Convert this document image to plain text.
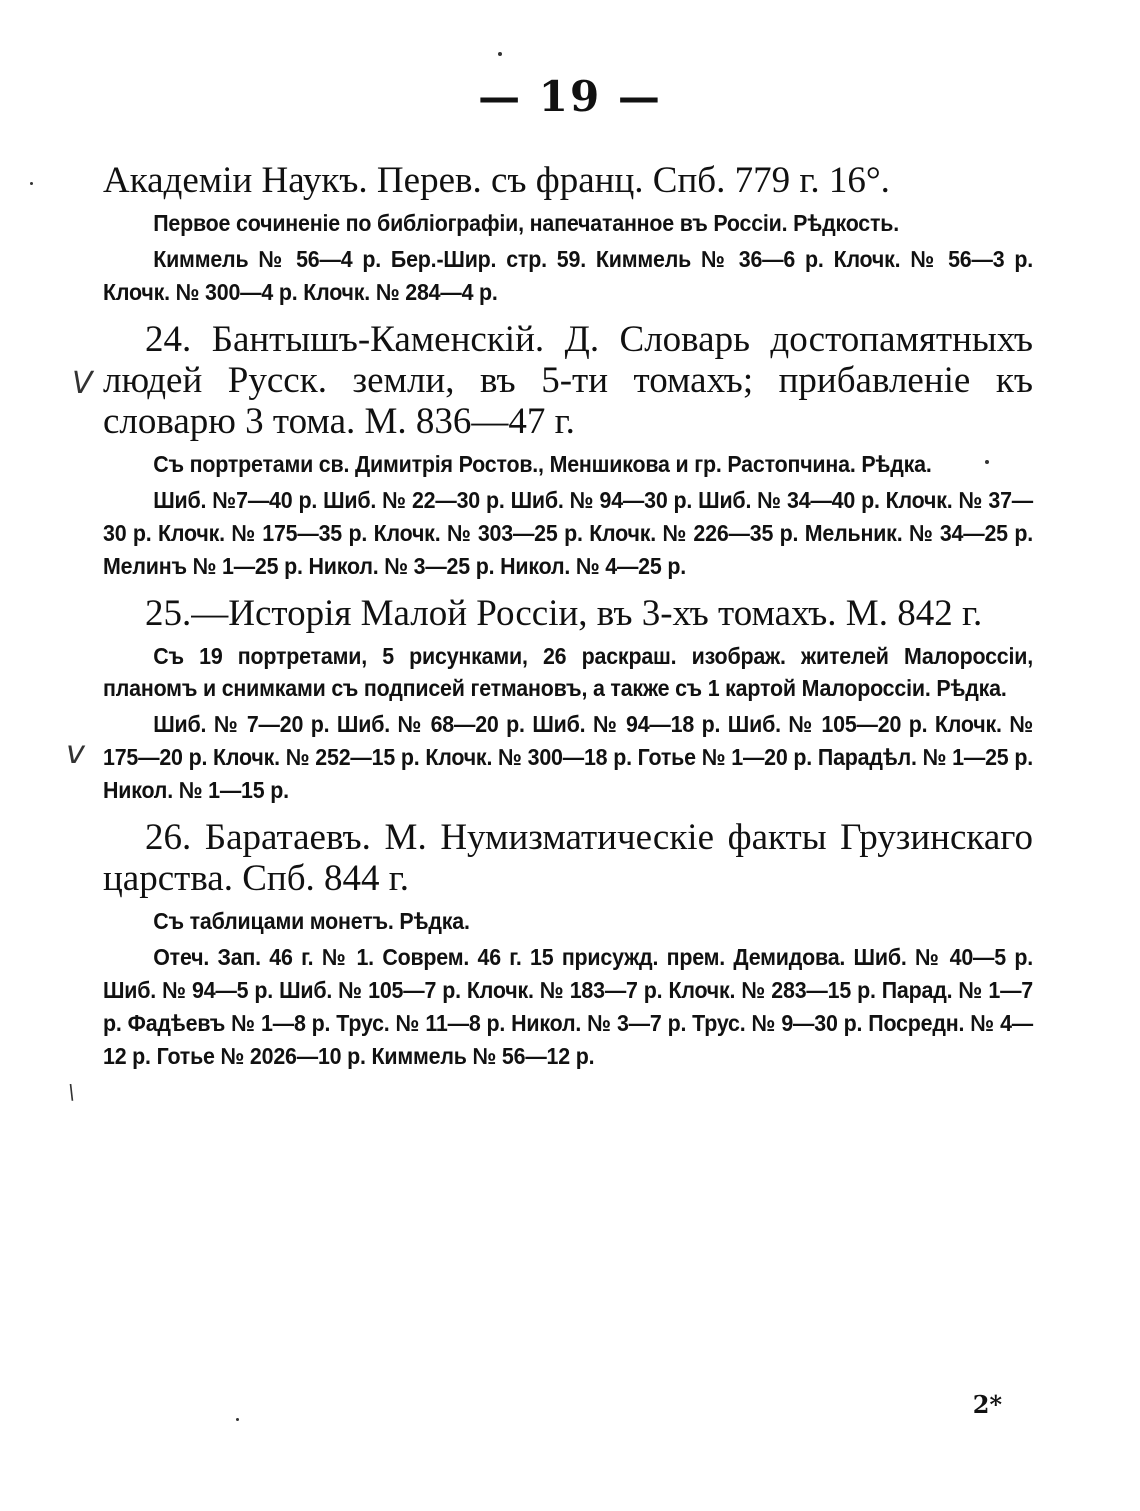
— 19 —
V
v
\

Академіи Наукъ. Перев. съ франц. Спб. 779 г. 16°.

Первое сочиненіе по библіографіи, напечатанное въ Россіи. Рѣдкость.

Киммель № 56—4 р. Бер.-Шир. стр. 59. Киммель № 36—6 р. Клочк. № 56—3 р. Клочк. № 300—4 р. Клочк. № 284—4 р.

24. Бантышъ-Каменскій. Д. Словарь достопамятныхъ людей Русск. земли, въ 5-ти томахъ; прибавленіе къ словарю 3 тома. М. 836—47 г.

Съ портретами св. Димитрія Ростов., Меншикова и гр. Растопчина. Рѣдка.

Шиб. №7—40 р. Шиб. № 22—30 р. Шиб. № 94—30 р. Шиб. № 34—40 р. Клочк. № 37—30 р. Клочк. № 175—35 р. Клочк. № 303—25 р. Клочк. № 226—35 р. Мельник. № 34—25 р. Мелинъ № 1—25 р. Никол. № 3—25 р. Никол. № 4—25 р.

25.—Исторія Малой Россіи, въ 3-хъ томахъ. М. 842 г.

Съ 19 портретами, 5 рисунками, 26 раскраш. изображ. жителей Малороссіи, планомъ и снимками съ подписей гетмановъ, а также съ 1 картой Малороссіи. Рѣдка.

Шиб. № 7—20 р. Шиб. № 68—20 р. Шиб. № 94—18 р. Шиб. № 105—20 р. Клочк. № 175—20 р. Клочк. № 252—15 р. Клочк. № 300—18 р. Готье № 1—20 р. Парадѣл. № 1—25 р. Никол. № 1—15 р.

26. Баратаевъ. М. Нумизматическіе факты Грузинскаго царства. Спб. 844 г.

Съ таблицами монетъ. Рѣдка.

Отеч. Зап. 46 г. № 1. Соврем. 46 г. 15 присужд. прем. Демидова. Шиб. № 40—5 р. Шиб. № 94—5 р. Шиб. № 105—7 р. Клочк. № 183—7 р. Клочк. № 283—15 р. Парад. № 1—7 р. Фадѣевъ № 1—8 р. Трус. № 11—8 р. Никол. № 3—7 р. Трус. № 9—30 р. Посредн. № 4—12 р. Готье № 2026—10 р. Киммель № 56—12 р.

2*
